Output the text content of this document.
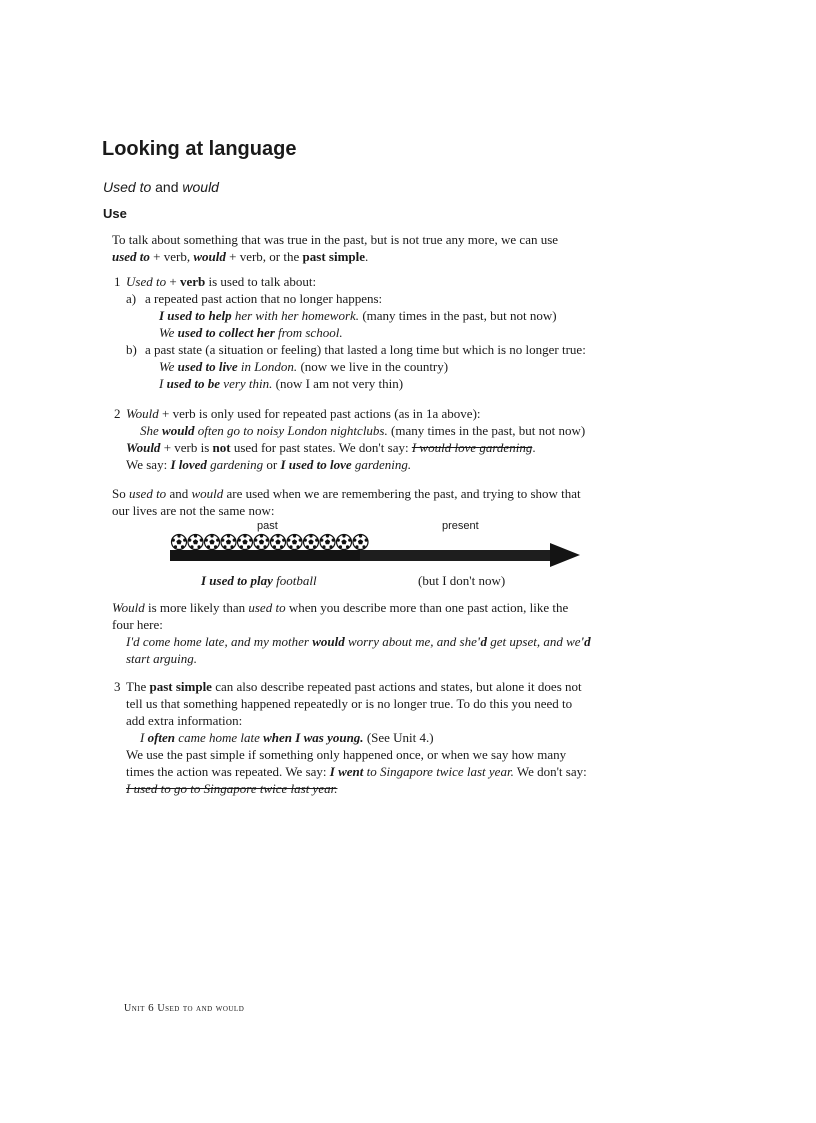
Looking at language
Used to and would
Use
To talk about something that was true in the past, but is not true any more, we can use
used to + verb, would + verb, or the past simple.
1 Used to + verb is used to talk about:
a) a repeated past action that no longer happens:
I used to help her with her homework. (many times in the past, but not now)
We used to collect her from school.
b) a past state (a situation or feeling) that lasted a long time but which is no longer true:
We used to live in London. (now we live in the country)
I used to be very thin. (now I am not very thin)
2 Would + verb is only used for repeated past actions (as in 1a above):
She would often go to noisy London nightclubs. (many times in the past, but not now)
Would + verb is not used for past states. We don't say: I would love gardening.
We say: I loved gardening or I used to love gardening.
So used to and would are used when we are remembering the past, and trying to show that
our lives are not the same now:
past	present
I used to play football	(but I don't now)
Would is more likely than used to when you describe more than one past action, like the
four here:
I'd come home late, and my mother would worry about me, and she'd get upset, and we'd
start arguing.
3 The past simple can also describe repeated past actions and states, but alone it does not
tell us that something happened repeatedly or is no longer true. To do this you need to
add extra information:
I often came home late when I was young. (See Unit 4.)
We use the past simple if something only happened once, or when we say how many
times the action was repeated. We say: I went to Singapore twice last year. We don't say:
I used to go to Singapore twice last year.
Unit 6 Used to and would
